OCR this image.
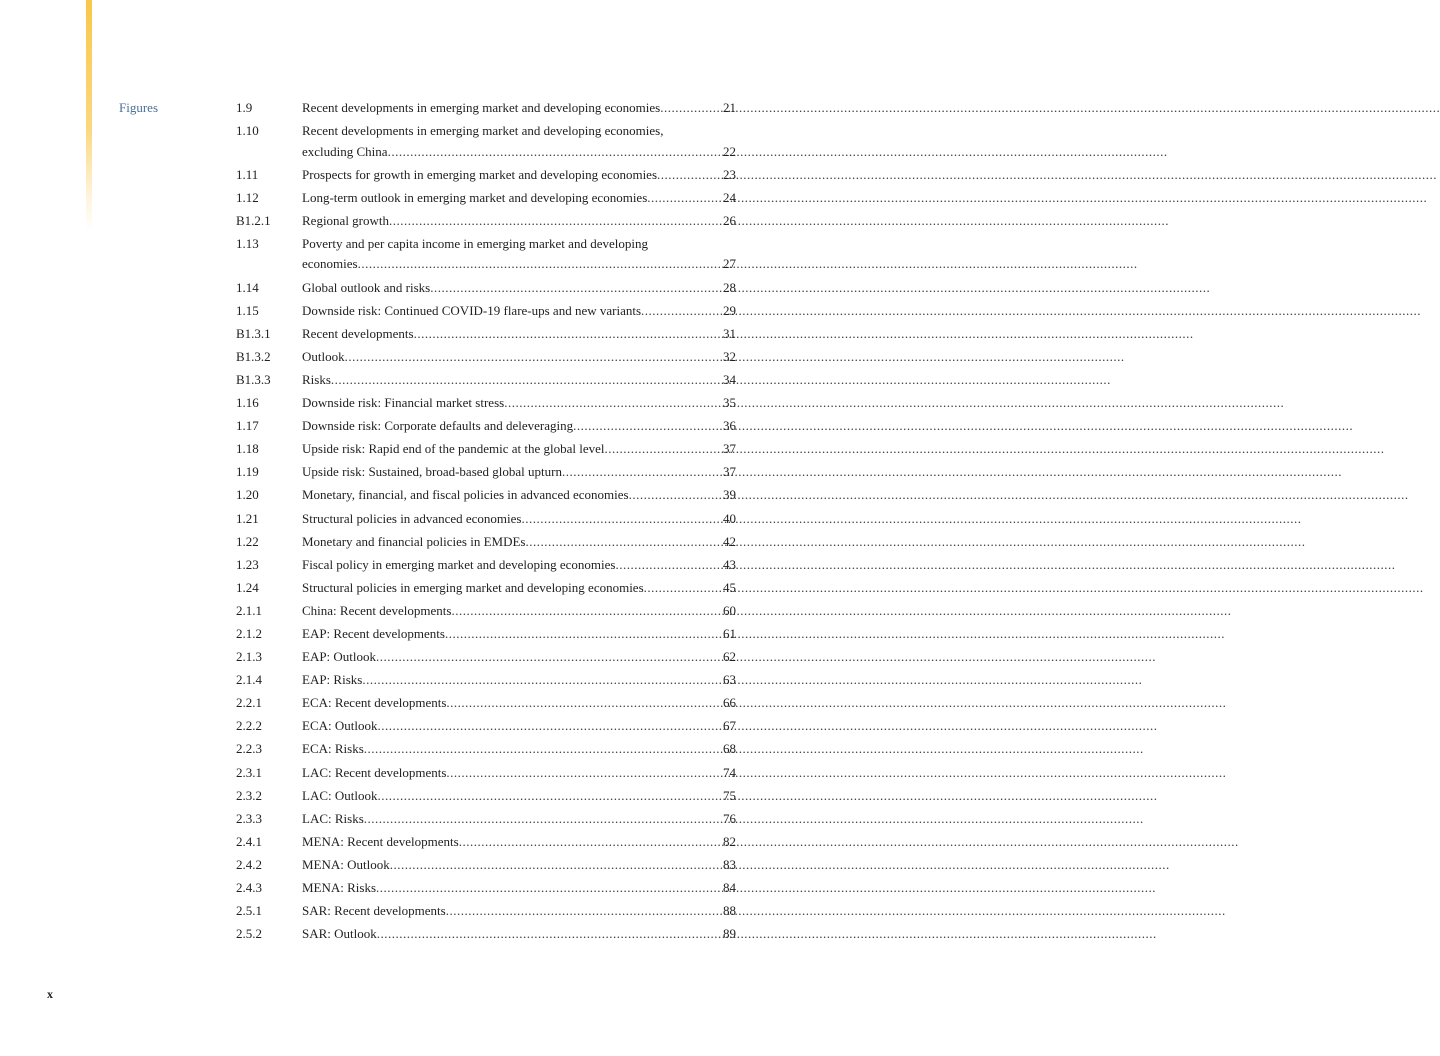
Figures	1.9	Recent developments in emerging market and developing economies .....	21
1.10	Recent developments in emerging market and developing economies,
excluding China .....	22
1.11	Prospects for growth in emerging market and developing economies .....	23
1.12	Long-term outlook in emerging market and developing economies .....	24
B1.2.1	Regional growth .....	26
1.13	Poverty and per capita income in emerging market and developing
economies .....	27
1.14	Global outlook and risks .....	28
1.15	Downside risk: Continued COVID-19 flare-ups and new variants .....	29
B1.3.1	Recent developments .....	31
B1.3.2	Outlook .....	32
B1.3.3	Risks .....	34
1.16	Downside risk: Financial market stress .....	35
1.17	Downside risk: Corporate defaults and deleveraging .....	36
1.18	Upside risk: Rapid end of the pandemic at the global level .....	37
1.19	Upside risk: Sustained, broad-based global upturn .....	37
1.20	Monetary, financial, and fiscal policies in advanced economies .....	39
1.21	Structural policies in advanced economies .....	40
1.22	Monetary and financial policies in EMDEs .....	42
1.23	Fiscal policy in emerging market and developing economies .....	43
1.24	Structural policies in emerging market and developing economies .....	45
2.1.1	China: Recent developments .....	60
2.1.2	EAP: Recent developments .....	61
2.1.3	EAP: Outlook .....	62
2.1.4	EAP: Risks .....	63
2.2.1	ECA: Recent developments .....	66
2.2.2	ECA: Outlook .....	67
2.2.3	ECA: Risks .....	68
2.3.1	LAC: Recent developments .....	74
2.3.2	LAC: Outlook .....	75
2.3.3	LAC: Risks .....	76
2.4.1	MENA: Recent developments .....	82
2.4.2	MENA: Outlook .....	83
2.4.3	MENA: Risks .....	84
2.5.1	SAR: Recent developments .....	88
2.5.2	SAR: Outlook .....	89
x
